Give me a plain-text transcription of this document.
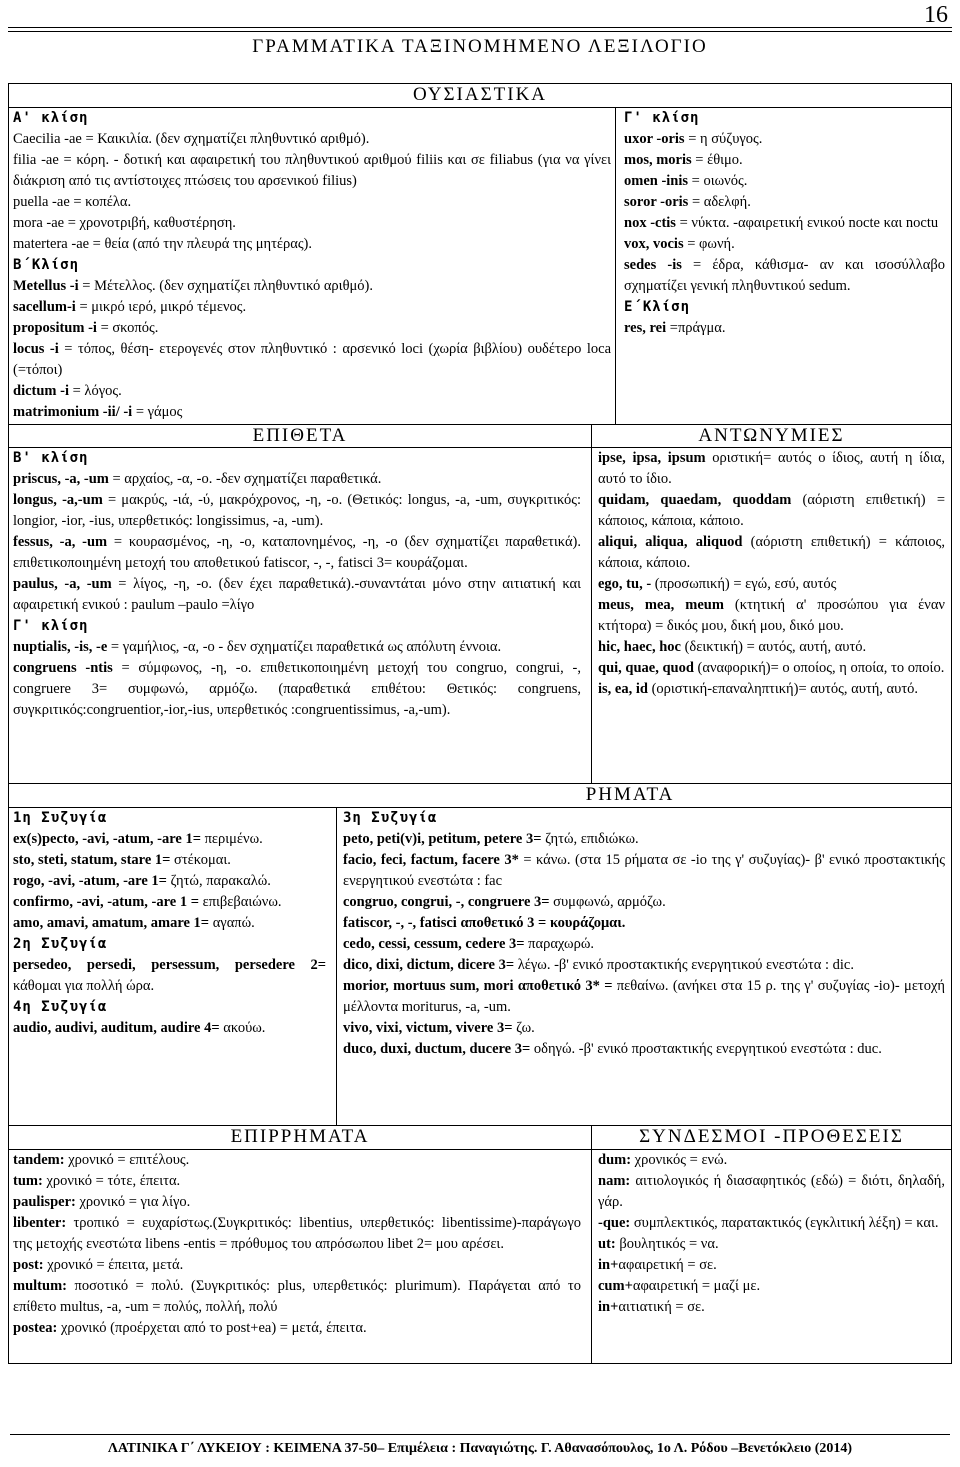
16
ΓΡΑΜΜΑΤΙΚΑ ΤΑΞΙΝΟΜΗΜΕΝΟ ΛΕΞΙΛΟΓΙΟ
ΟΥΣΙΑΣΤΙΚΑ

Α' κλίση

Caecilia -ae = Καικιλία. (δεν σχηματίζει πληθυντικό αριθμό).

filia -ae = κόρη. - δοτική και αφαιρετική του πληθυντικού αριθμού filiis και σε filiabus (για να γίνει διάκριση από τις αντίστοιχες πτώσεις του αρσενικού filius)

puella -ae = κοπέλα.

mora -ae = χρονοτριβή, καθυστέρηση.

matertera -ae = θεία (από την πλευρά της μητέρας).

Β΄Κλίση

Metellus -i = Μέτελλος. (δεν σχηματίζει πληθυντικό αριθμό).

sacellum-i = μικρό ιερό, μικρό τέμενος.

propositum -i = σκοπός.

locus -i = τόπος, θέση- ετερογενές στον πληθυντικό : αρσενικό loci (χωρία βιβλίου) ουδέτερο loca (=τόποι)

dictum -i = λόγος.

matrimonium -ii/ -i = γάμος

Γ' κλίση

uxor -oris = η σύζυγος.

mos, moris = έθιμο.

omen -inis = οιωνός.

soror -oris = αδελφή.

nox -ctis = νύκτα. -αφαιρετική ενικού nocte και noctu

vox, vocis = φωνή.

sedes -is = έδρα, κάθισμα- αν και ισοσύλλαβο σχηματίζει γενική πληθυντικού sedum.

Ε΄Κλίση

res, rei =πράγμα.

ΕΠΙΘΕΤΑ	ΑΝΤΩΝΥΜΙΕΣ

Β' κλίση

priscus, -a, -um = αρχαίος, -α, -ο. -δεν σχηματίζει παραθετικά.

longus, -a,-um = μακρύς, -ιά, -ύ, μακρόχρονος, -η, -ο. (Θετικός: longus, -a, -um, συγκριτικός: longior, -ior, -ius, υπερθετικός: longissimus, -a, -um).

fessus, -a, -um = κουρασμένος, -η, -ο, καταπονημένος, -η, -ο (δεν σχηματίζει παραθετικά). επιθετικοποιημένη μετοχή του αποθετικού fatiscor, -, -, fatisci 3= κουράζομαι.

paulus, -a, -um = λίγος, -η, -ο. (δεν έχει παραθετικά).-συναντάται μόνο στην αιτιατική και αφαιρετική ενικού : paulum –paulo =λίγο

Γ' κλίση

nuptialis, -is, -e = γαμήλιος, -α, -ο - δεν σχηματίζει παραθετικά ως απόλυτη έννοια.

congruens -ntis = σύμφωνος, -η, -ο. επιθετικοποιημένη μετοχή του congruo, congrui, -, congruere 3= συμφωνώ, αρμόζω. (παραθετικά επιθέτου: Θετικός: congruens, συγκριτικός:congruentior,-ior,-ius, υπερθετικός :congruentissimus, -a,-um).

ipse, ipsa, ipsum οριστική= αυτός ο ίδιος, αυτή η ίδια, αυτό το ίδιο.

quidam, quaedam, quoddam (αόριστη επιθετική) = κάποιος, κάποια, κάποιο.

aliqui, aliqua, aliquod (αόριστη επιθετική) = κάποιος, κάποια, κάποιο.

ego, tu, - (προσωπική) = εγώ, εσύ, αυτός

meus, mea, meum (κτητική α' προσώπου για έναν κτήτορα) = δικός μου, δική μου, δικό μου.

hic, haec, hoc (δεικτική) = αυτός, αυτή, αυτό.

qui, quae, quod (αναφορική)= ο οποίος, η οποία, το οποίο.

is, ea, id (οριστική-επαναληπτική)= αυτός, αυτή, αυτό.

ΡΗΜΑΤΑ

1η Συζυγία

ex(s)pecto, -avi, -atum, -are 1= περιμένω.

sto, steti, statum, stare 1= στέκομαι.

rogo, -avi, -atum, -are 1= ζητώ, παρακαλώ.

confirmo, -avi, -atum, -are 1 = επιβεβαιώνω.

amo, amavi, amatum, amare 1= αγαπώ.

2η Συζυγία

persedeo, persedi, persessum, persedere 2= κάθομαι για πολλή ώρα.

4η Συζυγία

audio, audivi, auditum, audire 4= ακούω.

3η Συζυγία

peto, peti(v)i, petitum, petere 3= ζητώ, επιδιώκω.

facio, feci, factum, facere 3* = κάνω. (στα 15 ρήματα σε -io της γ' συζυγίας)- β' ενικό προστακτικής ενεργητικού ενεστώτα : fac

congruo, congrui, -, congruere 3= συμφωνώ, αρμόζω.

fatiscor, -, -, fatisci αποθετικό 3 = κουράζομαι.

cedo, cessi, cessum, cedere 3= παραχωρώ.

dico, dixi, dictum, dicere 3= λέγω. -β' ενικό προστακτικής ενεργητικού ενεστώτα : dic.

morior, mortuus sum, mori αποθετικό 3* = πεθαίνω. (ανήκει στα 15 ρ. της γ' συζυγίας -io)- μετοχή μέλλοντα moriturus, -a, -um.

vivo, vixi, victum, vivere 3= ζω.

duco, duxi, ductum, ducere 3= οδηγώ. -β' ενικό προστακτικής ενεργητικού ενεστώτα : duc.

ΕΠΙΡΡΗΜΑΤΑ	ΣΥΝΔΕΣΜΟΙ -ΠΡΟΘΕΣΕΙΣ

tandem: χρονικό = επιτέλους.

tum: χρονικό = τότε, έπειτα.

paulisper: χρονικό = για λίγο.

libenter: τροπικό = ευχαρίστως.(Συγκριτικός: libentius, υπερθετικός: libentissime)-παράγωγο της μετοχής ενεστώτα libens -entis = πρόθυμος του απρόσωπου libet 2= μου αρέσει.

post: χρονικό = έπειτα, μετά.

multum: ποσοτικό = πολύ. (Συγκριτικός: plus, υπερθετικός: plurimum). Παράγεται από το επίθετο multus, -a, -um = πολύς, πολλή, πολύ

postea: χρονικό (προέρχεται από το post+ea) = μετά, έπειτα.

dum: χρονικός = ενώ.

nam: αιτιολογικός ή διασαφητικός (εδώ) = διότι, δηλαδή, γάρ.

-que: συμπλεκτικός, παρατακτικός (εγκλιτική λέξη) = και.

ut: βουλητικός = να.

in+αφαιρετική = σε.

cum+αφαιρετική = μαζί με.

in+αιτιατική = σε.

ΛΑΤΙΝΙΚΑ Γ΄ ΛΥΚΕΙΟΥ : ΚΕΙΜΕΝΑ 37-50– Επιμέλεια : Παναγιώτης. Γ. Αθανασόπουλος, 1ο Λ. Ρόδου –Βενετόκλειο (2014)
